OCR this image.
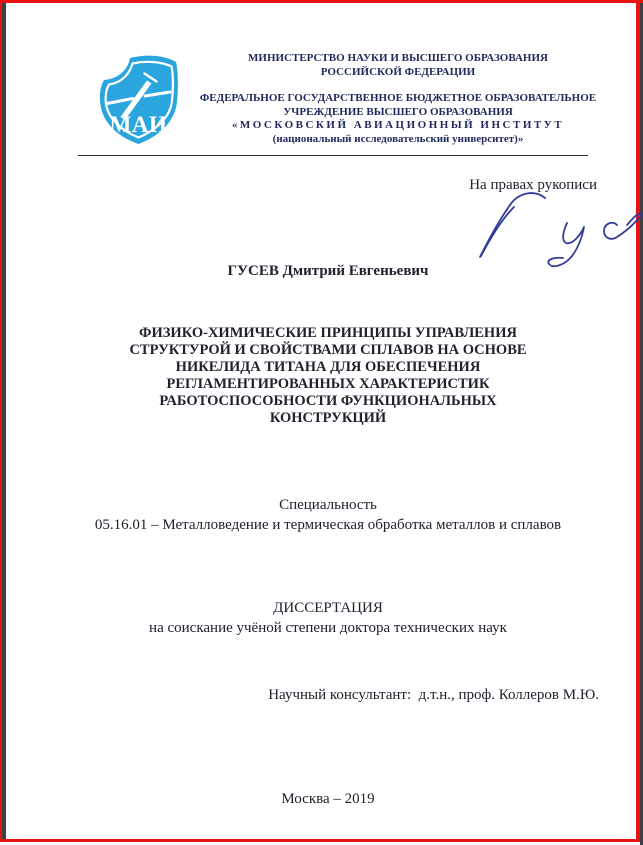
МАИ
МИНИСТЕРСТВО НАУКИ И ВЫСШЕГО ОБРАЗОВАНИЯ
РОССИЙСКОЙ ФЕДЕРАЦИИ
ФЕДЕРАЛЬНОЕ ГОСУДАРСТВЕННОЕ БЮДЖЕТНОЕ ОБРАЗОВАТЕЛЬНОЕ
УЧРЕЖДЕНИЕ ВЫСШЕГО ОБРАЗОВАНИЯ
«МОСКОВСКИЙ АВИАЦИОННЫЙ ИНСТИТУТ
(национальный исследовательский университет)»
На правах рукописи
ГУСЕВ Дмитрий Евгеньевич
ФИЗИКО-ХИМИЧЕСКИЕ ПРИНЦИПЫ УПРАВЛЕНИЯ
СТРУКТУРОЙ И СВОЙСТВАМИ СПЛАВОВ НА ОСНОВЕ
НИКЕЛИДА ТИТАНА ДЛЯ ОБЕСПЕЧЕНИЯ
РЕГЛАМЕНТИРОВАННЫХ ХАРАКТЕРИСТИК
РАБОТОСПОСОБНОСТИ ФУНКЦИОНАЛЬНЫХ
КОНСТРУКЦИЙ
Специальность
05.16.01 – Металловедение и термическая обработка металлов и сплавов
ДИССЕРТАЦИЯ
на соискание учёной степени доктора технических наук
Научный консультант:  д.т.н., проф. Коллеров М.Ю.
Москва – 2019
